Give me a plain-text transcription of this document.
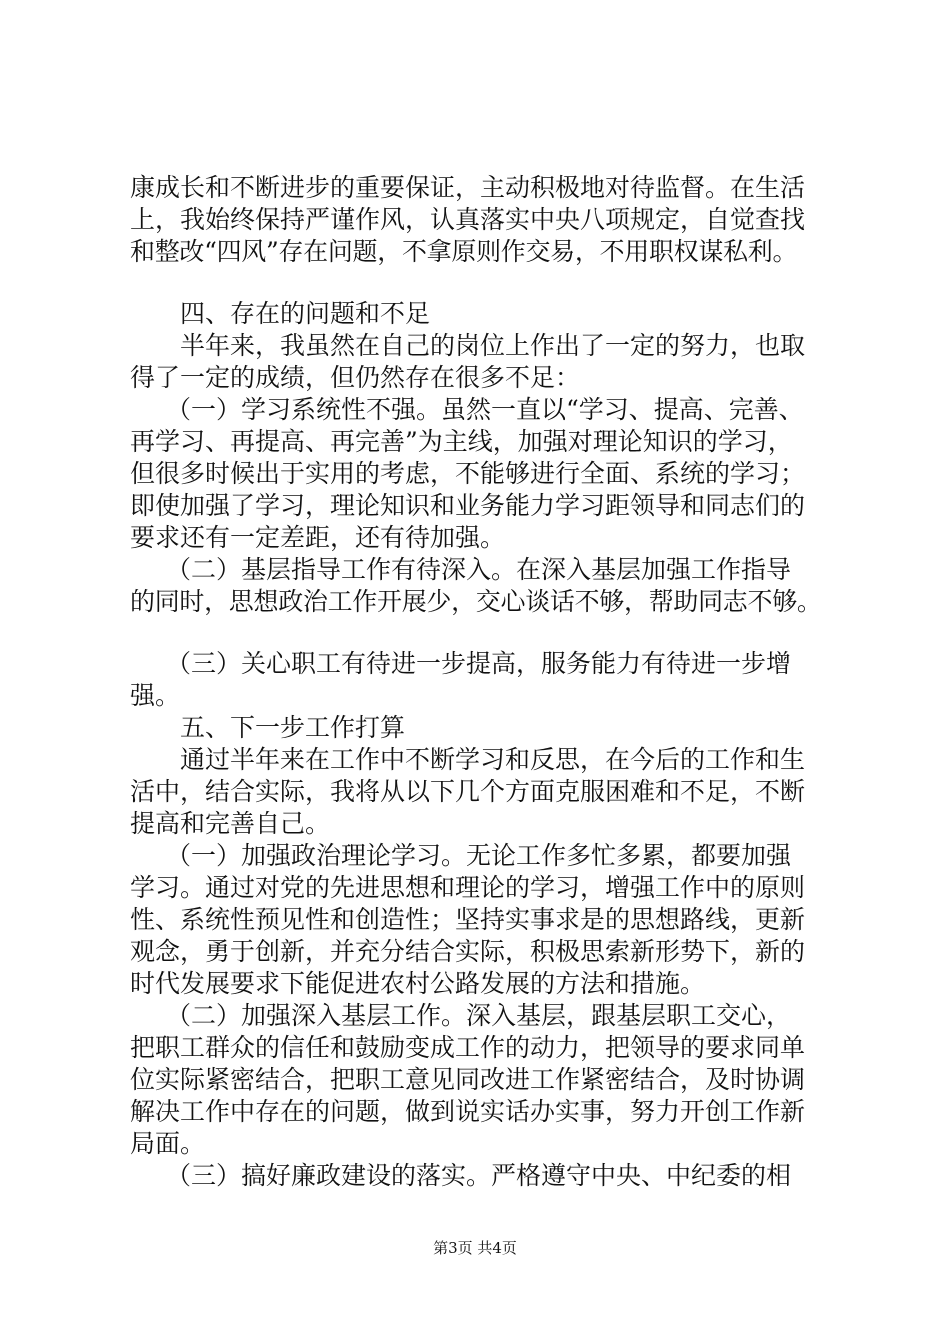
康成长和不断进步的重要保证，主动积极地对待监督。在生活
上，我始终保持严谨作风，认真落实中央八项规定，自觉查找
和整改“四风”存在问题，不拿原则作交易，不用职权谋私利。
四、存在的问题和不足
半年来，我虽然在自己的岗位上作出了一定的努力，也取
得了一定的成绩，但仍然存在很多不足：
（一）学习系统性不强。虽然一直以“学习、提高、完善、
再学习、再提高、再完善”为主线，加强对理论知识的学习，
但很多时候出于实用的考虑，不能够进行全面、系统的学习；
即使加强了学习，理论知识和业务能力学习距领导和同志们的
要求还有一定差距，还有待加强。
（二）基层指导工作有待深入。在深入基层加强工作指导
的同时，思想政治工作开展少，交心谈话不够，帮助同志不够。
（三）关心职工有待进一步提高，服务能力有待进一步增
强。
五、下一步工作打算
通过半年来在工作中不断学习和反思，在今后的工作和生
活中，结合实际，我将从以下几个方面克服困难和不足，不断
提高和完善自己。
（一）加强政治理论学习。无论工作多忙多累，都要加强
学习。通过对党的先进思想和理论的学习，增强工作中的原则
性、系统性预见性和创造性；坚持实事求是的思想路线，更新
观念，勇于创新，并充分结合实际，积极思索新形势下，新的
时代发展要求下能促进农村公路发展的方法和措施。
（二）加强深入基层工作。深入基层，跟基层职工交心，
把职工群众的信任和鼓励变成工作的动力，把领导的要求同单
位实际紧密结合，把职工意见同改进工作紧密结合，及时协调
解决工作中存在的问题，做到说实话办实事，努力开创工作新
局面。
（三）搞好廉政建设的落实。严格遵守中央、中纪委的相
第3页 共4页
